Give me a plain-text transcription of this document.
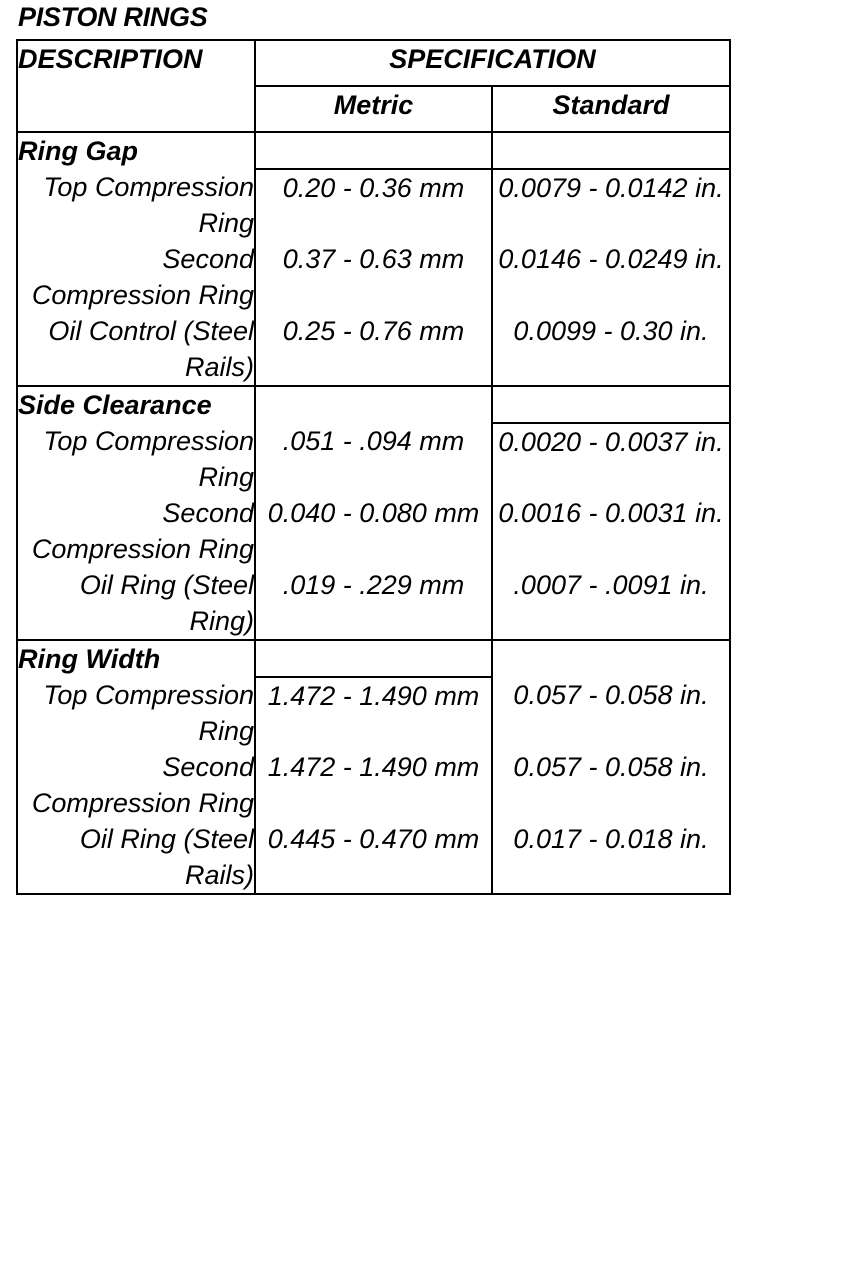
PISTON RINGS
DESCRIPTION	SPECIFICATION	
	Metric	Standard
Ring Gap		
Top Compression Ring	0.20 - 0.36 mm	0.0079 - 0.0142 in.
Second Compression Ring	0.37 - 0.63 mm	0.0146 - 0.0249 in.
Oil Control (Steel Rails)	0.25 - 0.76 mm	0.0099 - 0.30 in.
Side Clearance		
Top Compression Ring	.051 - .094 mm	0.0020 - 0.0037 in.
Second Compression Ring	0.040 - 0.080 mm	0.0016 - 0.0031 in.
Oil Ring (Steel Ring)	.019 - .229 mm	.0007 - .0091 in.
Ring Width		
Top Compression Ring	1.472 - 1.490 mm	0.057 - 0.058 in.
Second Compression Ring	1.472 - 1.490 mm	0.057 - 0.058 in.
Oil Ring (Steel Rails)	0.445 - 0.470 mm	0.017 - 0.018 in.
